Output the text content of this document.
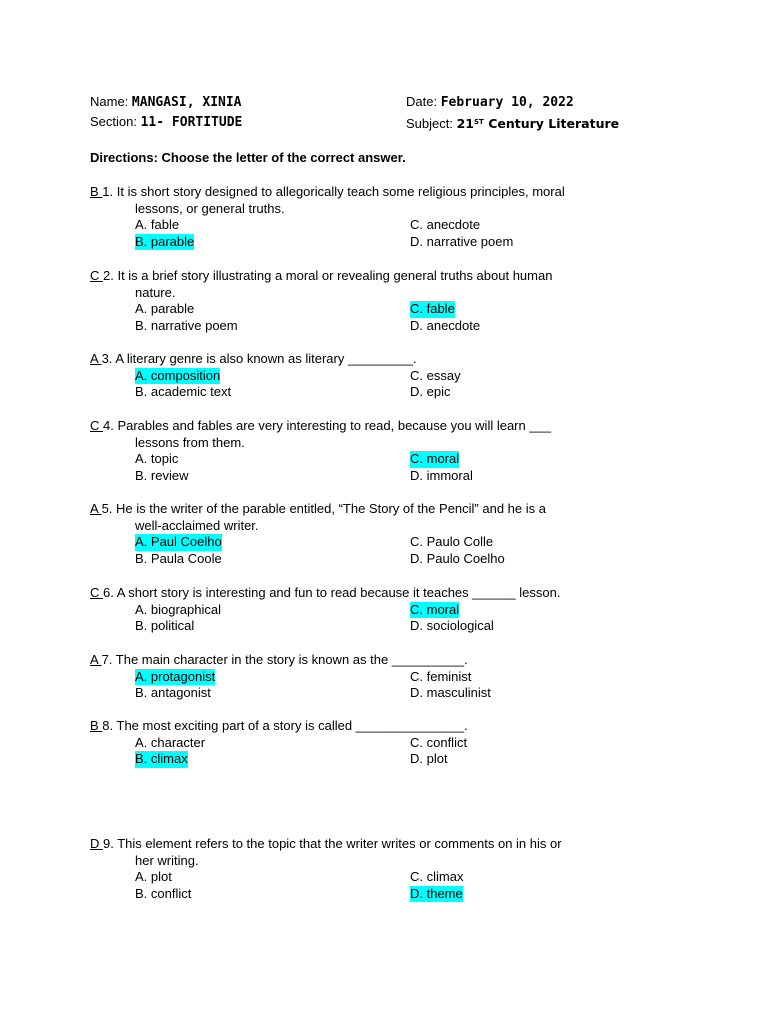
Name: MANGASI, XINIA	Date: February 10, 2022
Section: 11- FORTITUDE	Subject: 21ST Century Literature
Directions: Choose the letter of the correct answer.
B 1. It is short story designed to allegorically teach some religious principles, moral
lessons, or general truths.
A. fable
B. parable
C. anecdote
D. narrative poem
C 2. It is a brief story illustrating a moral or revealing general truths about human
nature.
A. parable
B. narrative poem
C. fable
D. anecdote
A 3. A literary genre is also known as literary _________.
A. composition
B. academic text
C. essay
D. epic
C 4. Parables and fables are very interesting to read, because you will learn ___
lessons from them.
A. topic
B. review
C. moral
D. immoral
A 5. He is the writer of the parable entitled, “The Story of the Pencil” and he is a
well-acclaimed writer.
A. Paul Coelho
B. Paula Coole
C. Paulo Colle
D. Paulo Coelho
C 6. A short story is interesting and fun to read because it teaches ______ lesson.
A. biographical
B. political
C. moral
D. sociological
A 7. The main character in the story is known as the __________.
A. protagonist
B. antagonist
C. feminist
D. masculinist
B 8. The most exciting part of a story is called _______________.
A. character
B. climax
C. conflict
D. plot
D 9. This element refers to the topic that the writer writes or comments on in his or
her writing.
A. plot
B. conflict
C. climax
D. theme
